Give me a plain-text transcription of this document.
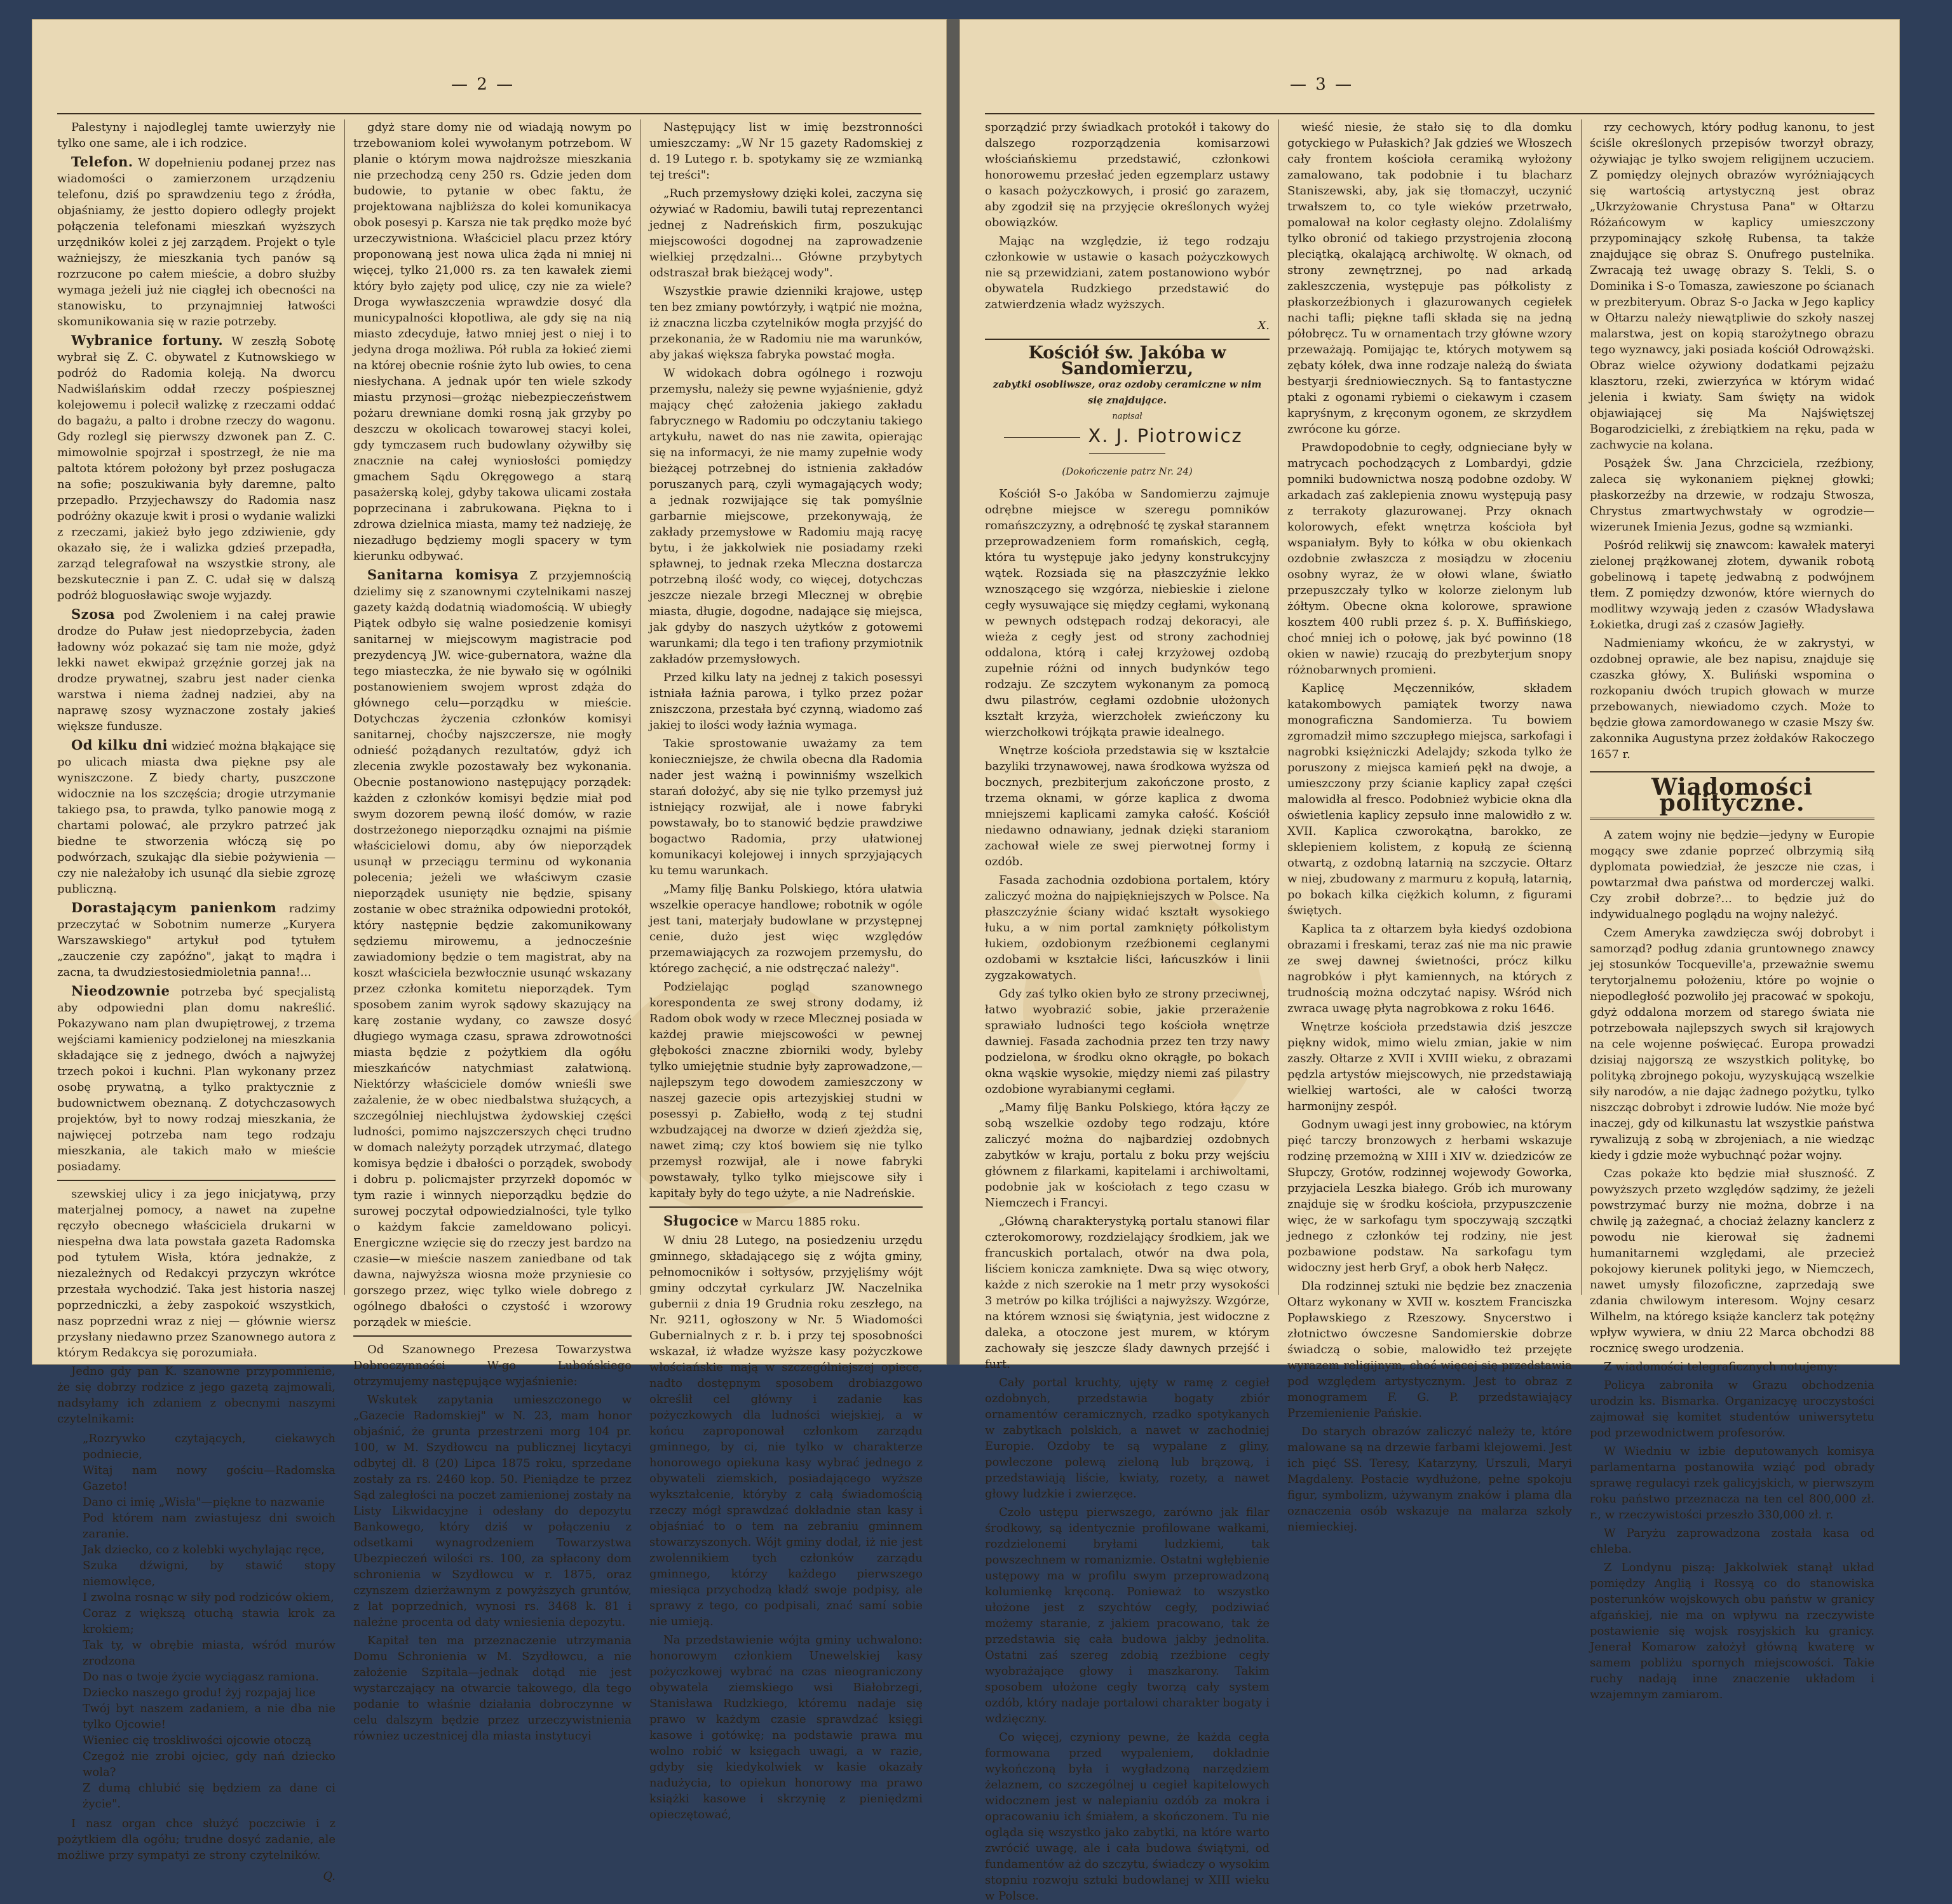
— 2 —

Palestyny i najodleglej tamte uwierzyły nie tylko one same, ale i ich rodzice.

Telefon. W dopełnieniu podanej przez nas wiadomości o zamierzonem urządzeniu telefonu, dziś po sprawdzeniu tego z źródła, objaśniamy, że jestto dopiero odległy projekt połączenia telefonami mieszkań wyższych urzędników kolei z jej zarządem. Projekt o tyle ważniejszy, że mieszkania tych panów są rozrzucone po całem mieście, a dobro służby wymaga jeżeli już nie ciągłej ich obecności na stanowisku, to przynajmniej łatwości skomunikowania się w razie potrzeby.

Wybranice fortuny. W zeszłą Sobotę wybrał się Z. C. obywatel z Kutnowskiego w podróż do Radomia koleją. Na dworcu Nadwiślańskim oddał rzeczy pośpiesznej kolejowemu i polecił walizkę z rzeczami oddać do bagażu, a palto i drobne rzeczy do wagonu. Gdy rozlegl się pierwszy dzwonek pan Z. C. mimowolnie spojrzał i spostrzegł, że nie ma paltota którem położony był przez posługacza na sofie; poszukiwania były daremne, palto przepadło. Przyjechawszy do Radomia nasz podróżny okazuje kwit i prosi o wydanie walizki z rzeczami, jakież było jego zdziwienie, gdy okazało się, że i walizka gdzieś przepadła, zarząd telegrafował na wszystkie strony, ale bezskutecznie i pan Z. C. udał się w dalszą podróż bloguosławiąc swoje wyjazdy.

Szosa pod Zwoleniem i na całej prawie drodze do Puław jest niedoprzebycia, żaden ładowny wóz pokazać się tam nie może, gdyż lekki nawet ekwipaż grzęźnie gorzej jak na drodze prywatnej, szabru jest nader cienka warstwa i niema żadnej nadziei, aby na naprawę szosy wyznaczone zostały jakieś większe fundusze.

Od kilku dni widzieć można błąkające się po ulicach miasta dwa piękne psy ale wyniszczone. Z biedy charty, puszczone widocznie na los szczęścia; drogie utrzymanie takiego psa, to prawda, tylko panowie mogą z chartami polować, ale przykro patrzeć jak biedne te stworzenia włóczą się po podwórzach, szukając dla siebie pożywienia — czy nie należałoby ich usunąć dla siebie zgrozę publiczną.

Dorastającym panienkom radzimy przeczytać w Sobotnim numerze „Kuryera Warszawskiego" artykuł pod tytułem „zauczenie czy zapóźno", jakąt to mądra i zacna, ta dwudziestosiedmioletnia panna!...

Nieodzownie potrzeba być specjalistą aby odpowiedni plan domu nakreślić. Pokazywano nam plan dwupiętrowej, z trzema wejściami kamienicy podzielonej na mieszkania składające się z jednego, dwóch a najwyżej trzech pokoi i kuchni. Plan wykonany przez osobę prywatną, a tylko praktycznie z budownictwem obeznaną. Z dotychczasowych projektów, był to nowy rodzaj mieszkania, że najwięcej potrzeba nam tego rodzaju mieszkania, ale takich mało w mieście posiadamy.

szewskiej ulicy i za jego inicjatywą, przy materjalnej pomocy, a nawet na zupełne ręczyło obecnego właściciela drukarni w niespełna dwa lata powstała gazeta Radomska pod tytułem Wisła, która jednakże, z niezależnych od Redakcyi przyczyn wkrótce przestała wychodzić. Taka jest historia naszej poprzedniczki, a żeby zaspokoić wszystkich, nasz poprzedni wraz z niej — głównie wiersz przysłany niedawno przez Szanownego autora z którym Redakcya się porozumiała.

Jedno gdy pan K. szanowne przypomnienie, że się dobrzy rodzice z jego gazetą zajmowali, nadsyłamy ich zdaniem z obecnymi naszymi czytelnikami:

„Rozrywko czytających, ciekawych podniecie,
Witaj nam nowy gościu—Radomska Gazeto!
Dano ci imię „Wisła"—piękne to nazwanie
Pod którem nam zwiastujesz dni swoich zaranie.
Jak dziecko, co z kolebki wychylając ręce,
Szuka dźwigni, by stawić stopy niemowlęce,
I zwolna rosnąc w siły pod rodziców okiem,
Coraz z większą otuchą stawia krok za krokiem;
Tak ty, w obrębie miasta, wśród murów zrodzona
Do nas o twoje życie wyciągasz ramiona.
Dziecko naszego grodu! żyj rozpajaj lice
Twój byt naszem zadaniem, a nie dba nie tylko Ojcowie!
Wieniec cię troskliwości ojcowie otoczą
Czegoż nie zrobi ojciec, gdy nań dziecko wola?
Z dumą chlubić się będziem za dane ci życie".

I nasz organ chce służyć poczciwie i z pożytkiem dla ogółu; trudne dosyć zadanie, ale możliwe przy sympatyi ze strony czytelników.

Q.

gdyż stare domy nie od wiadają nowym po trzebowaniom kolei wywołanym potrzebom. W planie o którym mowa najdroższe mieszkania nie przechodzą ceny 250 rs. Gdzie jeden dom budowie, to pytanie w obec faktu, że projektowana najbliższa do kolei komunikacya obok posesyi p. Karsza nie tak prędko może być urzeczywistniona. Właściciel placu przez który proponowaną jest nowa ulica żąda ni mniej ni więcej, tylko 21,000 rs. za ten kawałek ziemi który było zajęty pod ulicę, czy nie za wiele? Droga wywłaszczenia wprawdzie dosyć dla municypalności kłopotliwa, ale gdy się na nią miasto zdecyduje, łatwo mniej jest o niej i to jedyna droga możliwa. Pół rubla za łokieć ziemi na której obecnie rośnie żyto lub owies, to cena niesłychana. A jednak upór ten wiele szkody miastu przynosi—grożąc niebezpieczeństwem pożaru drewniane domki rosną jak grzyby po deszczu w okolicach towarowej stacyi kolei, gdy tymczasem ruch budowlany ożywiłby się znacznie na całej wyniosłości pomiędzy gmachem Sądu Okręgowego a starą pasażerską kolej, gdyby takowa ulicami została poprzecinana i zabrukowana. Piękna to i zdrowa dzielnica miasta, mamy też nadzieję, że niezadługo będziemy mogli spacery w tym kierunku odbywać.

Sanitarna komisya Z przyjemnością dzielimy się z szanownymi czytelnikami naszej gazety każdą dodatnią wiadomością. W ubiegły Piątek odbyło się walne posiedzenie komisyi sanitarnej w miejscowym magistracie pod prezydencyą JW. wice-gubernatora, ważne dla tego miasteczka, że nie bywało się w ogólniki postanowieniem swojem wprost zdąża do głównego celu—porządku w mieście. Dotychczas życzenia członków komisyi sanitarnej, choćby najszczersze, nie mogły odnieść pożądanych rezultatów, gdyż ich zlecenia zwykle pozostawały bez wykonania. Obecnie postanowiono następujący porządek: każden z członków komisyi będzie miał pod swym dozorem pewną ilość domów, w razie dostrzeżonego nieporządku oznajmi na piśmie właścicielowi domu, aby ów nieporządek usunął w przeciągu terminu od wykonania polecenia; jeżeli we właściwym czasie nieporządek usunięty nie będzie, spisany zostanie w obec strażnika odpowiedni protokół, który następnie będzie zakomunikowany sędziemu mirowemu, a jednocześnie zawiadomiony będzie o tem magistrat, aby na koszt właściciela bezwłocznie usunąć wskazany przez członka komitetu nieporządek. Tym sposobem zanim wyrok sądowy skazujący na karę zostanie wydany, co zawsze dosyć długiego wymaga czasu, sprawa zdrowotności miasta będzie z pożytkiem dla ogółu mieszkańców natychmiast załatwioną. Niektórzy właściciele domów wnieśli swe zażalenie, że w obec niedbalstwa służących, a szczególniej niechlujstwa żydowskiej części ludności, pomimo najszczerszych chęci trudno w domach należyty porządek utrzymać, dlatego komisya będzie i dbałości o porządek, swobody i dobru p. policmajster przyrzekł dopomóc w tym razie i winnych nieporządku będzie do surowej poczytał odpowiedzialności, tyle tylko o każdym fakcie zameldowano policyi. Energiczne wzięcie się do rzeczy jest bardzo na czasie—w mieście naszem zaniedbane od tak dawna, najwyższa wiosna może przyniesie co gorszego przez, więc tylko wiele dobrego z ogólnego dbałości o czystość i wzorowy porządek w mieście.

Od Szanownego Prezesa Towarzystwa Dobroczynności W-go Lubońskiego otrzymujemy następujące wyjaśnienie:

Wskutek zapytania umieszczonego w „Gazecie Radomskiej" w N. 23, mam honor objaśnić, że grunta przestrzeni morg 104 pr. 100, w M. Szydłowcu na publicznej licytacyi odbytej dł. 8 (20) Lipca 1875 roku, sprzedane zostały za rs. 2460 kop. 50. Pieniądze te przez Sąd zaległości na poczet zamienionej zostały na Listy Likwidacyjne i odesłany do depozytu Bankowego, który dziś w połączeniu z odsetkami wynagrodzeniem Towarzystwa Ubezpieczeń wilości rs. 100, za spłacony dom schronienia w Szydłowcu w r. 1875, oraz czynszem dzierżawnym z powyższych gruntów, z lat poprzednich, wynosi rs. 3468 k. 81 i należne procenta od daty wniesienia depozytu.

Kapitał ten ma przeznaczenie utrzymania Domu Schronienia w M. Szydłowcu, a nie założenie Szpitala—jednak dotąd nie jest wystarczający na otwarcie takowego, dla tego podanie to właśnie działania dobroczynne w celu dalszym będzie przez urzeczywistnienia równiez uczestnicej dla miasta instytucyi

Następujący list w imię bezstronności umieszczamy: „W Nr 15 gazety Radomskiej z d. 19 Lutego r. b. spotykamy się ze wzmianką tej treści":

„Ruch przemysłowy dzięki kolei, zaczyna się ożywiać w Radomiu, bawili tutaj reprezentanci jednej z Nadreńskich firm, poszukując miejscowości dogodnej na zaprowadzenie wielkiej przędzalni... Główne przybytych odstraszał brak bieżącej wody".

Wszystkie prawie dzienniki krajowe, ustęp ten bez zmiany powtórzyły, i wątpić nie można, iż znaczna liczba czytelników mogła przyjść do przekonania, że w Radomiu nie ma warunków, aby jakaś większa fabryka powstać mogła.

W widokach dobra ogólnego i rozwoju przemysłu, należy się pewne wyjaśnienie, gdyż mający chęć założenia jakiego zakładu fabrycznego w Radomiu po odczytaniu takiego artykułu, nawet do nas nie zawita, opierając się na informacyi, że nie mamy zupełnie wody bieżącej potrzebnej do istnienia zakładów poruszanych parą, czyli wymagających wody; a jednak rozwijające się tak pomyślnie garbarnie miejscowe, przekonywają, że zakłady przemysłowe w Radomiu mają racyę bytu, i że jakkolwiek nie posiadamy rzeki spławnej, to jednak rzeka Mleczna dostarcza potrzebną ilość wody, co więcej, dotychczas jeszcze niezale brzegi Mlecznej w obrębie miasta, długie, dogodne, nadające się miejsca, jak gdyby do naszych użytków z gotowemi warunkami; dla tego i ten trafiony przymiotnik zakładów przemysłowych.

Przed kilku laty na jednej z takich posessyi istniała łaźnia parowa, i tylko przez pożar zniszczona, przestała być czynną, wiadomo zaś jakiej to ilości wody łaźnia wymaga.

Takie sprostowanie uważamy za tem konieczniejsze, że chwila obecna dla Radomia nader jest ważną i powinniśmy wszelkich starań dołożyć, aby się nie tylko przemysł już istniejący rozwijał, ale i nowe fabryki powstawały, bo to stanowić będzie prawdziwe bogactwo Radomia, przy ułatwionej komunikacyi kolejowej i innych sprzyjających ku temu warunkach.

„Mamy filję Banku Polskiego, która ułatwia wszelkie operacye handlowe; robotnik w ogóle jest tani, materjały budowlane w przystępnej cenie, dużo jest więc względów przemawiających za rozwojem przemysłu, do którego zachęcić, a nie odstręczać należy".

Podzielając pogląd szanownego korespondenta ze swej strony dodamy, iż Radom obok wody w rzece Mlecznej posiada w każdej prawie miejscowości w pewnej głębokości znaczne zbiorniki wody, byleby tylko umiejętnie studnie były zaprowadzone,—najlepszym tego dowodem zamieszczony w naszej gazecie opis artezyjskiej studni w posessyi p. Zabiełło, wodą z tej studni wzbudzającej na dworze w dzień zjeżdża się, nawet zimą; czy ktoś bowiem się nie tylko przemysł rozwijał, ale i nowe fabryki powstawały, tylko tylko miejscowe siły i kapitały były do tego użyte, a nie Nadreńskie.

Sługocice w Marcu 1885 roku.

W dniu 28 Lutego, na posiedzeniu urzędu gminnego, składającego się z wójta gminy, pełnomocników i sołtysów, przyjęliśmy wójt gminy odczytał cyrkularz JW. Naczelnika gubernii z dnia 19 Grudnia roku zeszłego, na Nr. 9211, ogłoszony w Nr. 5 Wiadomości Gubernialnych z r. b. i przy tej sposobności wskazał, iż władze wyższe kasy pożyczkowe włościańskie mają w szczególniejszej opiece, nadto dostępnym sposobem drobiazgowo określił cel główny i zadanie kas pożyczkowych dla ludności wiejskiej, a w końcu zaproponował członkom zarządu gminnego, by ci, nie tylko w charakterze honorowego opiekuna kasy wybrać jednego z obywateli ziemskich, posiadającego wyższe wykształcenie, któryby z całą świadomością rzeczy mógł sprawdzać dokładnie stan kasy i objaśniać to o tem na zebraniu gminnem stowarzyszonych. Wójt gminy dodał, iż nie jest zwolennikiem tych członków zarządu gminnego, którzy każdego pierwszego miesiąca przychodzą kładź swoje podpisy, ale sprawy z tego, co podpisali, znać samí sobie nie umieją.

Na przedstawienie wójta gminy uchwalono: honorowym członkiem Unewelskiej kasy pożyczkowej wybrać na czas nieograniczony obywatela ziemskiego wsi Białobrzegi, Stanisława Rudzkiego, któremu nadaje się prawo w każdym czasie sprawdzać księgi kasowe i gotówkę; na podstawie prawa mu wolno robić w księgach uwagi, a w razie, gdyby się kiedykolwiek w kasie okazały nadużycia, to opiekun honorowy ma prawo książki kasowe i skrzynię z pieniędzmi opieczętować,

— 3 —

sporządzić przy świadkach protokół i takowy do dalszego rozporządzenia komisarzowi włościańskiemu przedstawić, członkowi honorowemu przesłać jeden egzemplarz ustawy o kasach pożyczkowych, i prosić go zarazem, aby zgodził się na przyjęcie określonych wyżej obowiązków.

Mając na względzie, iż tego rodzaju członkowie w ustawie o kasach pożyczkowych nie są przewidziani, zatem postanowiono wybór obywatela Rudzkiego przedstawić do zatwierdzenia władz wyższych.

X.
Kościół św. Jakóba w Sandomierzu,
zabytki osobliwsze, oraz ozdoby ceramiczne w nim się znajdujące.
napisał
X. J. Piotrowicz
(Dokończenie patrz Nr. 24)

Kościół S-o Jakóba w Sandomierzu zajmuje odrębne miejsce w szeregu pomników romańszczyzny, a odrębność tę zyskał starannem przeprowadzeniem form romańskich, cegłą, która tu występuje jako jedyny konstrukcyjny wątek. Rozsiada się na płaszczyźnie lekko wznoszącego się wzgórza, niebieskie i zielone cegły wysuwające się między cegłami, wykonaną w pewnych odstępach rodzaj dekoracyi, ale wieża z cegły jest od strony zachodniej oddalona, którą i całej krzyżowej ozdobą zupełnie różni od innych budynków tego rodzaju. Ze szczytem wykonanym za pomocą dwu pilastrów, cegłami ozdobnie ułożonych kształt krzyża, wierzchołek zwieńczony ku wierzchołkowi trójkąta prawie idealnego.

Wnętrze kościoła przedstawia się w kształcie bazyliki trzynawowej, nawa środkowa wyższa od bocznych, prezbiterjum zakończone prosto, z trzema oknami, w górze kaplica z dwoma mniejszemi kaplicami zamyka całość. Kościół niedawno odnawiany, jednak dzięki staraniom zachował wiele ze swej pierwotnej formy i ozdób.

Fasada zachodnia ozdobiona portalem, który zaliczyć można do najpiękniejszych w Polsce. Na płaszczyźnie ściany widać kształt wysokiego łuku, a w nim portal zamknięty półkolistym łukiem, ozdobionym rzeźbionemi ceglanymi ozdobami w kształcie liści, łańcuszków i linii zygzakowatych.

Gdy zaś tylko okien było ze strony przeciwnej, łatwo wyobrazić sobie, jakie przerażenie sprawiało ludności tego kościoła wnętrze dawniej. Fasada zachodnia przez ten trzy nawy podzielona, w środku okno okrągłe, po bokach okna wąskie wysokie, między niemi zaś pilastry ozdobione wyrabianymi cegłami.

„Mamy filję Banku Polskiego, która łączy ze sobą wszelkie ozdoby tego rodzaju, które zaliczyć można do najbardziej ozdobnych zabytków w kraju, portalu z boku przy wejściu głównem z filarkami, kapitelami i archiwoltami, podobnie jak w kościołach z tego czasu w Niemczech i Francyi.

„Główną charakterystyką portalu stanowi filar czterokomorowy, rozdzielający środkiem, jak we francuskich portalach, otwór na dwa pola, liściem konicza zamknięte. Dwa są więc otwory, każde z nich szerokie na 1 metr przy wysokości 3 metrów po kilka trójliści a najwyższy. Wzgórze, na którem wznosi się świątynia, jest widoczne z daleka, a otoczone jest murem, w którym zachowały się jeszcze ślady dawnych przejść i furt.

Cały portal kruchty, ujęty w ramę z cegieł ozdobnych, przedstawia bogaty zbiór ornamentów ceramicznych, rzadko spotykanych w zabytkach polskich, a nawet w zachodniej Europie. Ozdoby te są wypalane z gliny, powleczone polewą zieloną lub brązową, i przedstawiają liście, kwiaty, rozety, a nawet głowy ludzkie i zwierzęce.

Czoło ustępu pierwszego, zarówno jak filar środkowy, są identycznie profilowane wałkami, rozdzielonemi bryłami ludzkiemi, tak powszechnem w romanizmie. Ostatni wgłębienie ustępowy ma w profilu swym przeprowadzoną kolumienkę kręconą. Ponieważ to wszystko ułożone jest z szychtów cegły, podziwiać możemy staranie, z jakiem pracowano, tak że przedstawia się cała budowa jakby jednolita. Ostatni zaś szereg zdobią rzeźbione cegły wyobrażające głowy i maszkarony. Takim sposobem ułożone cegły tworzą cały system ozdób, który nadaje portalowi charakter bogaty i wdzięczny.

Co więcej, czyniony pewne, że każda cegła formowana przed wypaleniem, dokładnie wykończoną była i wygładzoną narzędziem żelaznem, co szczególnej u cegieł kapitelowych widocznem jest w nalepianiu ozdób za mokra i opracowaniu ich śmiałem, a skończonem. Tu nie ogląda się wszystko jako zabytki, na które warto zwrócić uwagę, ale i cała budowa świątyni, od fundamentów aż do szczytu, świadczy o wysokim stopniu rozwoju sztuki budowlanej w XIII wieku w Polsce.

wieść niesie, że stało się to dla domku gotyckiego w Pułaskich? Jak gdzieś we Włoszech cały frontem kościoła ceramiką wyłożony zamalowano, tak podobnie i tu blacharz Staniszewski, aby, jak się tłomaczył, uczynić trwałszem to, co tyle wieków przetrwało, pomalował na kolor cegłasty olejno. Zdolaliśmy tylko obronić od takiego przystrojenia złoconą pleciątką, okalającą archiwoltę. W oknach, od strony zewnętrznej, po nad arkadą zakleszczenia, występuje pas półkolisty z płaskorzeźbionych i glazurowanych cegiełek nachi tafli; piękne tafli składa się na jedną półobręcz. Tu w ornamentach trzy główne wzory przeważają. Pomijając te, których motywem są zębaty kółek, dwa inne rodzaje należą do świata bestyarji średniowiecznych. Są to fantastyczne ptaki z ogonami rybiemi o ciekawym i czasem kapryśnym, z kręconym ogonem, ze skrzydłem zwrócone ku górze.

Prawdopodobnie to cegły, odgnieciane były w matrycach pochodzących z Lombardyi, gdzie pomniki budownictwa noszą podobne ozdoby. W arkadach zaś zaklepienia znowu występują pasy z terrakoty glazurowanej. Przy oknach kolorowych, efekt wnętrza kościoła był wspaniałym. Były to kółka w obu okienkach ozdobnie zwłaszcza z mosiądzu w złoceniu osobny wyraz, że w ołowi wlane, światło przepuszczały tylko w kolorze zielonym lub żółtym. Obecne okna kolorowe, sprawione kosztem 400 rubli przez ś. p. X. Buffińskiego, choć mniej ich o połowę, jak być powinno (18 okien w nawie) rzucają do prezbyterjum snopy różnobarwnych promieni.

Kaplicę Męczenników, składem katakombowych pamiątek tworzy nawa monograficzna Sandomierza. Tu bowiem zgromadził mimo szczupłego miejsca, sarkofagi i nagrobki księżniczki Adelajdy; szkoda tylko że poruszony z miejsca kamień pękł na dwoje, a umieszczony przy ścianie kaplicy zapał części malowidła al fresco. Podobnież wybicie okna dla oświetlenia kaplicy zepsuło inne malowidło z w. XVII. Kaplica czworokątna, barokko, ze sklepieniem kolistem, z kopułą ze ścienną otwartą, z ozdobną latarnią na szczycie. Ołtarz w niej, zbudowany z marmuru z kopułą, latarnią, po bokach kilka ciężkich kolumn, z figurami świętych.

Kaplica ta z ołtarzem była kiedyś ozdobiona obrazami i freskami, teraz zaś nie ma nic prawie ze swej dawnej świetności, prócz kilku nagrobków i płyt kamiennych, na których z trudnością można odczytać napisy. Wśród nich zwraca uwagę płyta nagrobkowa z roku 1646.

Wnętrze kościoła przedstawia dziś jeszcze piękny widok, mimo wielu zmian, jakie w nim zaszły. Ołtarze z XVII i XVIII wieku, z obrazami pędzla artystów miejscowych, nie przedstawiają wielkiej wartości, ale w całości tworzą harmonijny zespół.

Godnym uwagi jest inny grobowiec, na którym pięć tarczy bronzowych z herbami wskazuje rodzinę przemożną w XIII i XIV w. dziedziców ze Słupczy, Grotów, rodzinnej wojewody Goworka, przyjaciela Leszka białego. Grób ich murowany znajduje się w środku kościoła, przypuszczenie więc, że w sarkofagu tym spoczywają szczątki jednego z członków tej rodziny, nie jest pozbawione podstaw. Na sarkofagu tym widoczny jest herb Gryf, a obok herb Nałęcz.

Dla rodzinnej sztuki nie będzie bez znaczenia Ołtarz wykonany w XVII w. kosztem Franciszka Popławskiego z Rzeszowy. Snycerstwo i złotnictwo ówczesne Sandomierskie dobrze świadczą o sobie, malowidło też przejęte wyrazem religijnym, choć więcej się przedstawia pod względem artystycznym. Jest to obraz z monogramem F. G. P. przedstawiający Przemienienie Pańskie.

Do starych obrazów zaliczyć należy te, które malowane są na drzewie farbami klejowemi. Jest ich pięć SS. Teresy, Katarzyny, Urszuli, Maryi Magdaleny. Postacie wydłużone, pełne spokoju figur, symbolizm, używanym znaków i plama dla oznaczenia osób wskazuje na malarza szkoły niemieckiej.

rzy cechowych, który podług kanonu, to jest ściśle określonych przepisów tworzył obrazy, ożywiając je tylko swojem religijnem uczuciem. Z pomiędzy olejnych obrazów wyróżniających się wartością artystyczną jest obraz „Ukrzyżowanie Chrystusa Pana" w Ołtarzu Różańcowym w kaplicy umieszczony przypominający szkołę Rubensa, ta także znajdujące się obraz S. Onufrego pustelnika. Zwracają też uwagę obrazy S. Tekli, S. o Dominika i S-o Tomasza, zawieszone po ścianach w prezbiteryum. Obraz S-o Jacka w Jego kaplicy w Ołtarzu należy niewątpliwie do szkoły naszej malarstwa, jest on kopią starożytnego obrazu tego wyznawcy, jaki posiada kościół Odrowążski. Obraz wielce ożywiony dodatkami pejzażu klasztoru, rzeki, zwierzyńca w którym widać jelenia i kwiaty. Sam święty na widok objawiającej się Ma Najświętszej Bogarodzicielki, z źrebiątkiem na ręku, pada w zachwycie na kolana.

Posążek Św. Jana Chrzciciela, rzeźbiony, zaleca się wykonaniem pięknej głowki; płaskorzeźby na drzewie, w rodzaju Stwosza, Chrystus zmartwychwstały w ogrodzie—wizerunek Imienia Jezus, godne są wzmianki.

Pośród relikwij się znawcom: kawałek materyi zielonej prążkowanej złotem, dywanik robotą gobelinową i tapetę jedwabną z podwójnem tłem. Z pomiędzy dzwonów, które wiernych do modlitwy wzywają jeden z czasów Władysława Łokietka, drugi zaś z czasów Jagiełły.

Nadmieniamy wkońcu, że w zakrystyi, w ozdobnej oprawie, ale bez napisu, znajduje się czaszka główy, X. Buliński wspomina o rozkopaniu dwóch trupich głowach w murze przebowanych, niewiadomo czych. Może to będzie głowa zamordowanego w czasie Mszy św. zakonnika Augustyna przez żołdaków Rakoczego 1657 r.

Wiadomości polityczne.

A zatem wojny nie będzie—jedyny w Europie mogący swe zdanie poprzeć olbrzymią siłą dyplomata powiedział, że jeszcze nie czas, i powtarzmał dwa państwa od morderczej walki. Czy zrobił dobrze?... to będzie już do indywidualnego poglądu na wojny należyć.

Czem Ameryka zawdzięcza swój dobrobyt i samorząd? podług zdania gruntownego znawcy jej stosunków Tocqueville'a, przeważnie swemu terytorjalnemu położeniu, które po wojnie o niepodległość pozwoliło jej pracować w spokoju, gdyż oddalona morzem od starego świata nie potrzebowała najlepszych swych sił krajowych na cele wojenne poświęcać. Europa prowadzi dzisiaj najgorszą ze wszystkich politykę, bo polityką zbrojnego pokoju, wyzyskującą wszelkie siły narodów, a nie dając żadnego pożytku, tylko niszcząc dobrobyt i zdrowie ludów. Nie może być inaczej, gdy od kilkunastu lat wszystkie państwa rywalizują z sobą w zbrojeniach, a nie wiedząc kiedy i gdzie może wybuchnąć pożar wojny.

Czas pokaże kto będzie miał słuszność. Z powyższych przeto względów sądzimy, że jeżeli powstrzymać burzy nie można, dobrze i na chwilę ją zażegnać, a chociaż żelazny kanclerz z powodu nie kierował się żadnemi humanitarnemi względami, ale przecież pokojowy kierunek polityki jego, w Niemczech, nawet umysły filozoficzne, zaprzedają swe zdania chwilowym interesom. Wojny cesarz Wilhelm, na którego książe kanclerz tak potężny wpływ wywiera, w dniu 22 Marca obchodzi 88 rocznicę swego urodzenia.

Z wiadomości telegraficznych notujemy:

Policya zabroniła w Grazu obchodzenia urodzin ks. Bismarka. Organizacyę uroczystości zajmował się komitet studentów uniwersytetu pod przewodnictwem profesorów.

W Wiedniu w izbie deputowanych komisya parlamentarna postanowiła wziąć pod obrady sprawę regulacyi rzek galicyjskich, w pierwszym roku państwo przeznacza na ten cel 800,000 zł. r., w rzeczywistości przeszło 330,000 zł. r.

W Paryżu zaprowadzona została kasa od chleba.

Z Londynu piszą: Jakkolwiek stanął układ pomiędzy Anglią i Rossyą co do stanowiska posterunków wojskowych obu państw w granicy afgańskiej, nie ma on wpływu na rzeczywiste postawienie się wojsk rosyjskich ku granicy. Jenerał Komarow założył główną kwaterę w samem pobliżu spornych miejscowości. Takie ruchy nadają inne znaczenie układom i wzajemnym zamiarom.
